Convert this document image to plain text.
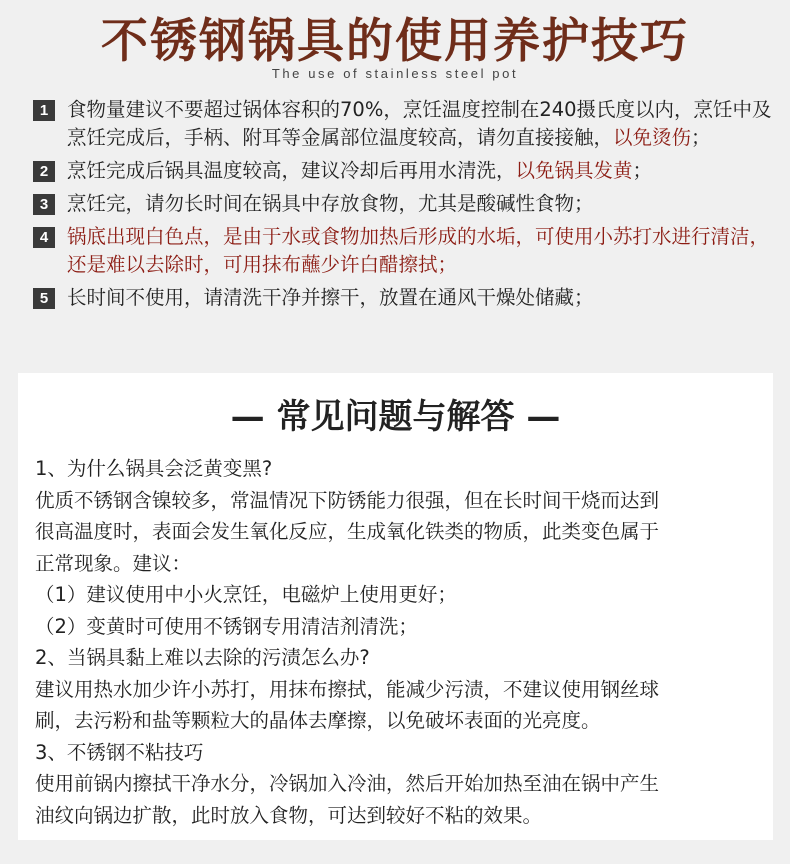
不锈钢锅具的使用养护技巧
The use of stainless steel pot
1 食物量建议不要超过锅体容积的70%，烹饪温度控制在240摄氏度以内，烹饪中及烹饪完成后，手柄、附耳等金属部位温度较高，请勿直接接触，以免烫伤；
2 烹饪完成后锅具温度较高，建议冷却后再用水清洗，以免锅具发黄；
3 烹饪完，请勿长时间在锅具中存放食物，尤其是酸碱性食物；
4 锅底出现白色点，是由于水或食物加热后形成的水垢，可使用小苏打水进行清洁，还是难以去除时，可用抹布蘸少许白醋擦拭；
5 长时间不使用，请清洗干净并擦干，放置在通风干燥处储藏；
— 常见问题与解答 —
1、为什么锅具会泛黄变黑?
优质不锈钢含镍较多，常温情况下防锈能力很强，但在长时间干烧而达到
很高温度时，表面会发生氧化反应，生成氧化铁类的物质，此类变色属于
正常现象。建议：
（1）建议使用中小火烹饪，电磁炉上使用更好；
（2）变黄时可使用不锈钢专用清洁剂清洗；
2、当锅具黏上难以去除的污渍怎么办?
建议用热水加少许小苏打，用抹布擦拭，能减少污渍，不建议使用钢丝球
刷，去污粉和盐等颗粒大的晶体去摩擦，以免破坏表面的光亮度。
3、不锈钢不粘技巧
使用前锅内擦拭干净水分，冷锅加入冷油，然后开始加热至油在锅中产生
油纹向锅边扩散，此时放入食物，可达到较好不粘的效果。
